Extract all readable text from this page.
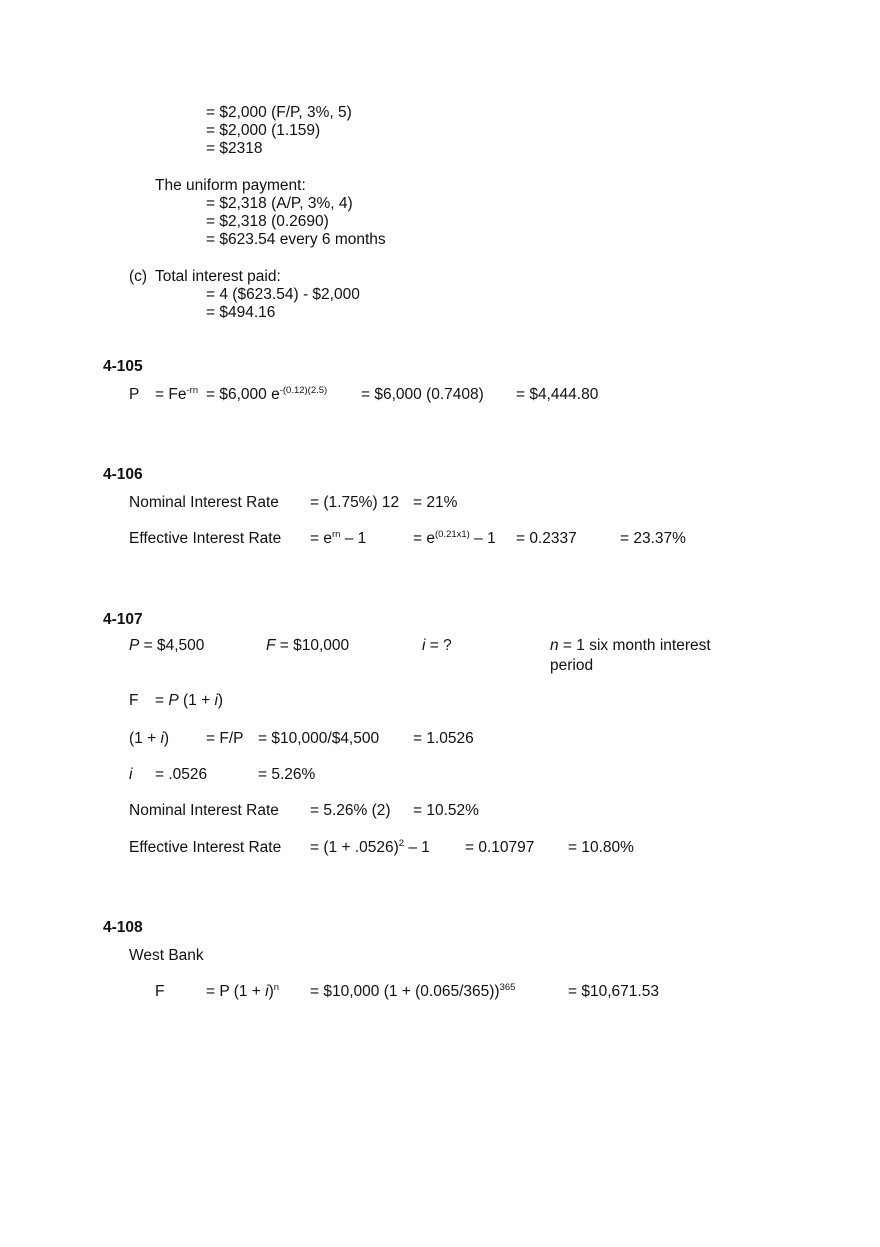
= $2,000 (F/P, 3%, 5)
= $2,000 (1.159)
= $2318
The uniform payment:
= $2,318 (A/P, 3%, 4)
= $2,318 (0.2690)
= $623.54 every 6 months
(c) Total interest paid:
= 4 ($623.54) - $2,000
= $494.16
4-105
$P = Fe^{-rn}$ = $6,000 $e^{-(0.12)(2.5)}$ = $6,000 (0.7408) = $4,444.80
4-106
Nominal Interest Rate = (1.75%) 12 = 21%
Effective Interest Rate = $e^{rn} - 1$	= $e^{(0.21x1)} - 1 = 0.2337$	= 23.37%
4-107
P = $4,500	F = $10,000	i = ?	n = 1 six month interest
period
F = P (1 + i)
(1 + i) = F/P = $10,000/$4,500 = 1.0526
i = .0526	= 5.26%
Nominal Interest Rate = 5.26% (2) = 10.52%
Effective Interest Rate = $(1 + .0526)^2 - 1 = 0.10797 = 10.80\%$
4-108
West Bank
F	= P $(1 + i)^n$ = $10,000 $(1 + (0.065/365))^{365}$	= $10,671.53
